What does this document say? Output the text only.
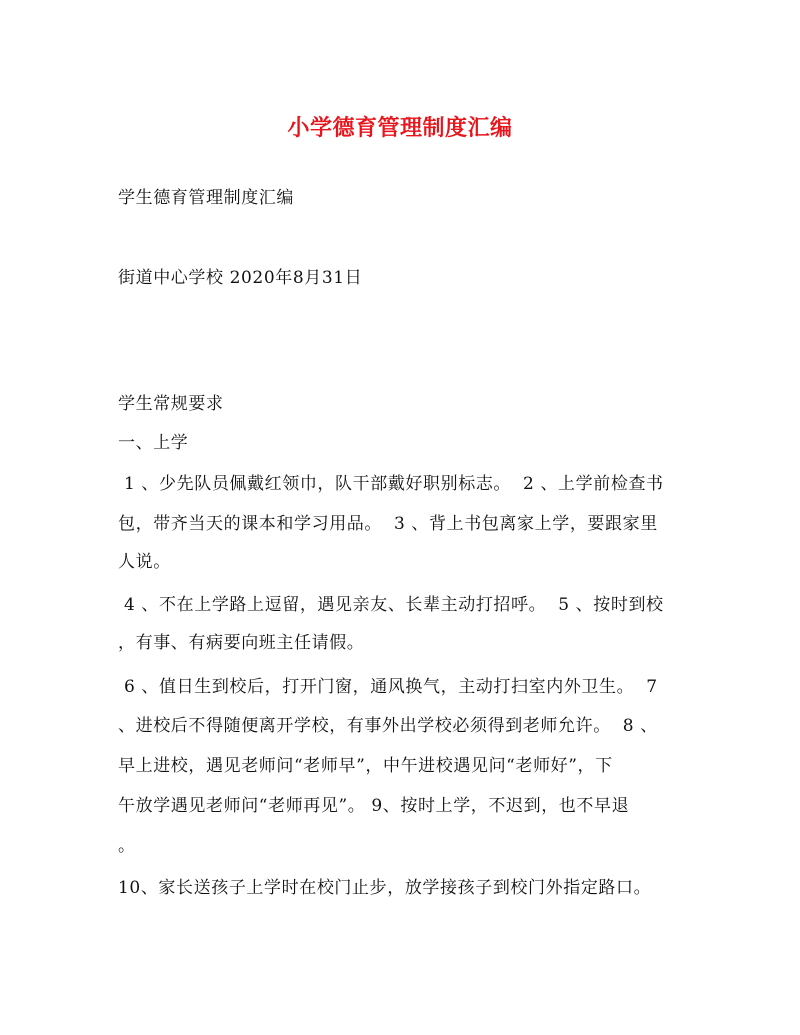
小学德育管理制度汇编
学生德育管理制度汇编
街道中心学校 2020年8月31日
学生常规要求
一、上学
1 、少先队员佩戴红领巾，队干部戴好职别标志。  2 、上学前检查书
包，带齐当天的课本和学习用品。  3 、背上书包离家上学，要跟家里
人说。
4 、不在上学路上逗留，遇见亲友、长辈主动打招呼。  5 、按时到校
，有事、有病要向班主任请假。
6 、值日生到校后，打开门窗，通风换气，主动打扫室内外卫生。  7
、进校后不得随便离开学校，有事外出学校必须得到老师允许。  8 、
早上进校，遇见老师问“老师早”，中午进校遇见问“老师好”，下
午放学遇见老师问“老师再见”。 9、按时上学，不迟到，也不早退
。
10、家长送孩子上学时在校门止步，放学接孩子到校门外指定路口。
